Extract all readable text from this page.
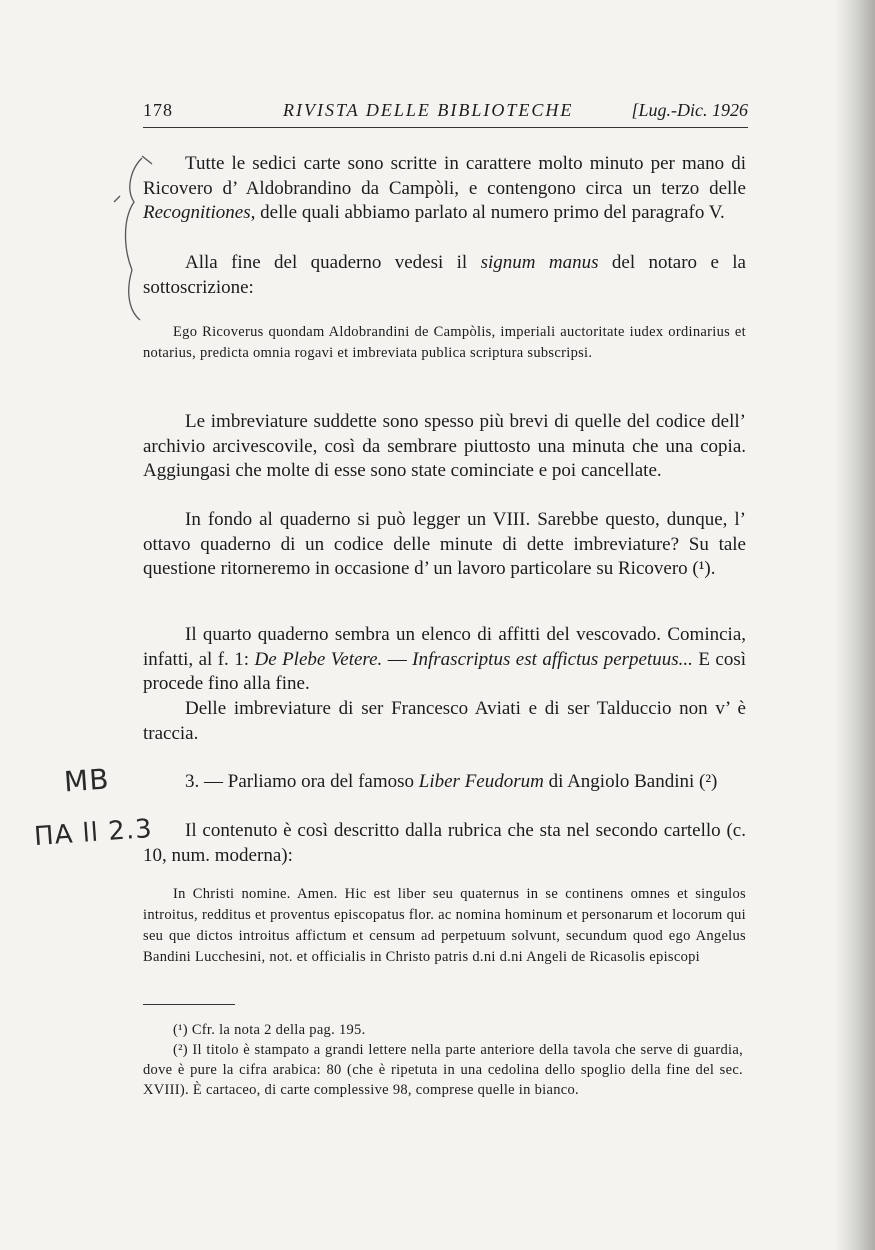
178	RIVISTA DELLE BIBLIOTECHE	[Lug.-Dic. 1926

Tutte le sedici carte sono scritte in carattere molto minuto per mano di Ricovero d’ Aldobrandino da Campòli, e contengono circa un terzo delle Recognitiones, delle quali abbiamo parlato al numero primo del paragrafo V.

Alla fine del quaderno vedesi il signum manus del notaro e la sottoscrizione:

Ego Ricoverus quondam Aldobrandini de Campòlis, imperiali auctoritate iudex ordinarius et notarius, predicta omnia rogavi et imbreviata publica scriptura subscripsi.

Le imbreviature suddette sono spesso più brevi di quelle del codice dell’ archivio arcivescovile, così da sembrare piuttosto una minuta che una copia. Aggiungasi che molte di esse sono state cominciate e poi cancellate.

In fondo al quaderno si può legger un VIII. Sarebbe questo, dunque, l’ ottavo quaderno di un codice delle minute di dette imbreviature? Su tale questione ritorneremo in occasione d’ un lavoro particolare su Ricovero (¹).

Il quarto quaderno sembra un elenco di affitti del vescovado. Comincia, infatti, al f. 1: De Plebe Vetere. — Infrascriptus est affictus perpetuus... E così procede fino alla fine.

Delle imbreviature di ser Francesco Aviati e di ser Talduccio non v’ è traccia.

3. — Parliamo ora del famoso Liber Feudorum di Angiolo Bandini (²)

Il contenuto è così descritto dalla rubrica che sta nel secondo cartello (c. 10, num. moderna):

In Christi nomine. Amen. Hic est liber seu quaternus in se continens omnes et singulos introitus, redditus et proventus episcopatus flor. ac nomina hominum et personarum et locorum qui seu que dictos introitus affictum et censum ad perpetuum solvunt, secundum quod ego Angelus Bandini Lucchesini, not. et officialis in Christo patris d.ni d.ni Angeli de Ricasolis episcopi

(¹) Cfr. la nota 2 della pag. 195.

(²) Il titolo è stampato a grandi lettere nella parte anteriore della tavola che serve di guardia, dove è pure la cifra arabica: 80 (che è ripetuta in una cedolina dello spoglio della fine del sec. XVIII). È cartaceo, di carte complessive 98, comprese quelle in bianco.

MB
ΠA ll 2.3
